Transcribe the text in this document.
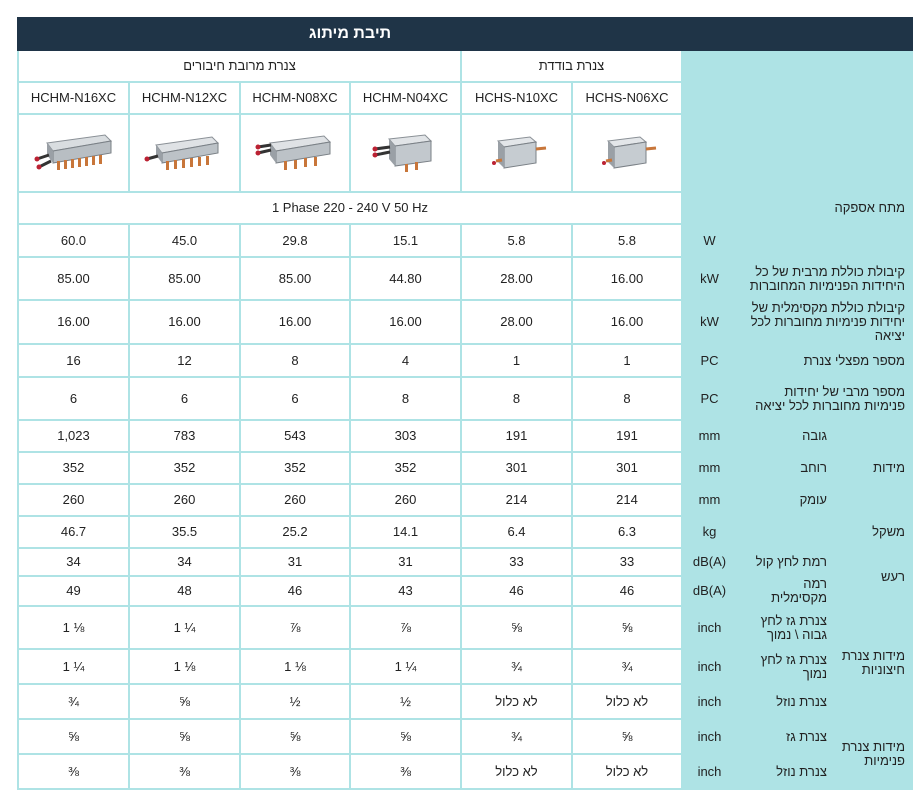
תיבת מיתוג								
צנרת מרובת חיבורים				צנרת בודדת				
HCHM-N16XC	HCHM-N12XC	HCHM-N08XC	HCHM-N04XC	HCHS-N10XC	HCHS-N06XC			

1 Phase 220 - 240 V 50 Hz						מתח אספקה		
60.0	45.0	29.8	15.1	5.8	5.8	W		
85.00	85.00	85.00	44.80	28.00	16.00	kW	קיבולת כוללת מרבית של כל היחידות הפנימיות המחוברות	
16.00	16.00	16.00	16.00	28.00	16.00	kW	קיבולת כוללת מקסימלית של יחידות פנימיות מחוברות לכל יציאה	
16	12	8	4	1	1	PC	מספר מפצלי צנרת	
6	6	6	8	8	8	PC	מספר מרבי של יחידות פנימיות מחוברות לכל יציאה	
1,023	783	543	303	191	191	mm	גובה	מידות
352	352	352	352	301	301	mm	רוחב	
260	260	260	260	214	214	mm	עומק	
46.7	35.5	25.2	14.1	6.4	6.3	kg	משקל	
34	34	31	31	33	33	dB(A)	רמת לחץ קול	רעש
49	48	46	43	46	46	dB(A)	רמה מקסימלית	
1 ⅛	1 ¼	⅞	⅞	⅝	⅝	inch	צנרת גז לחץ גבוה \ נמוך	מידות צנרת חיצוניות
1 ¼	1 ⅛	1 ⅛	1 ¼	¾	¾	inch	צנרת גז לחץ נמוך	
¾	⅝	½	½	לא כלול	לא כלול	inch	צנרת נוזל	
⅝	⅝	⅝	⅝	¾	⅝	inch	צנרת גז	מידות צנרת פנימיות
⅜	⅜	⅜	⅜	לא כלול	לא כלול	inch	צנרת נוזל	
